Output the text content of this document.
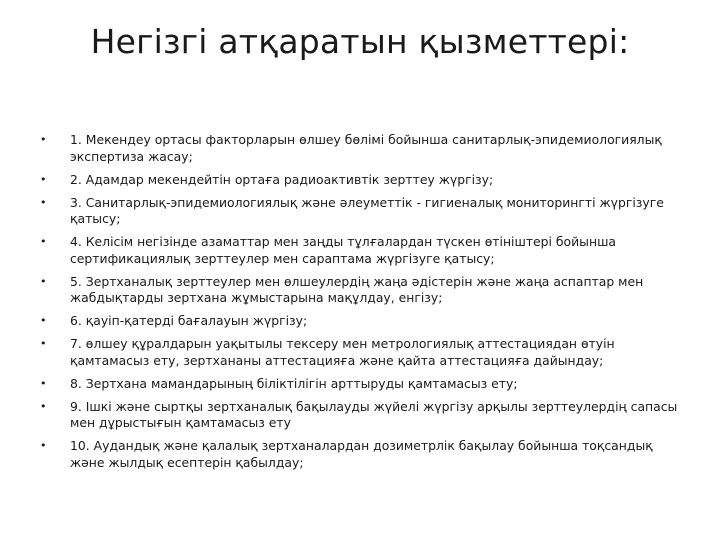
Негізгі атқаратын қызметтері:
• 1. Мекендеу ортасы факторларын өлшеу бөлімі бойынша санитарлық-эпидемиологиялық экспертиза жасау;
• 2. Адамдар мекендейтін ортаға радиоактивтік зерттеу жүргізу;
• 3. Санитарлық-эпидемиологиялық және әлеуметтік - гигиеналық мониторингті жүргізуге қатысу;
• 4. Келісім негізінде азаматтар мен заңды тұлғалардан түскен өтініштері бойынша сертификациялық зерттеулер мен сараптама жүргізуге қатысу;
• 5. Зертханалық зерттеулер мен өлшеулердің жаңа әдістерін және жаңа аспаптар мен жабдықтарды зертхана жұмыстарына мақұлдау, енгізу;
• 6. қауіп-қатерді бағалауын жүргізу;
• 7. өлшеу құралдарын уақытылы тексеру мен метрологиялық аттестациядан өтуін қамтамасыз ету, зертхананы аттестацияға және қайта аттестацияға дайындау;
• 8. Зертхана мамандарының біліктілігін арттыруды қамтамасыз ету;
• 9. Ішкі және сыртқы зертханалық бақылауды жүйелі жүргізу арқылы зерттеулердің сапасы мен дұрыстығын қамтамасыз ету
• 10. Аудандық және қалалық зертханалардан дозиметрлік бақылау бойынша тоқсандық және жылдық есептерін қабылдау;
